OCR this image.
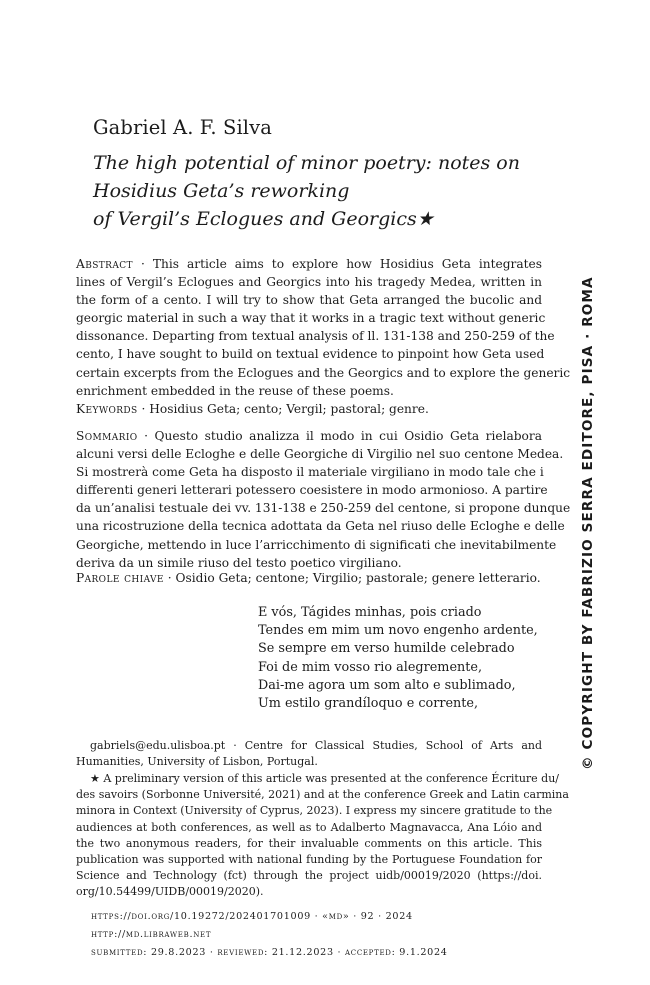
Gabriel A. F. Silva
The high potential of minor poetry: notes on
Hosidius Geta’s reworking
of Vergil’s Eclogues and Georgics★
Abstract · This article aims to explore how Hosidius Geta integrates
lines of Vergil’s Eclogues and Georgics into his tragedy Medea, written in
the form of a cento. I will try to show that Geta arranged the bucolic and
georgic material in such a way that it works in a tragic text without generic
dissonance. Departing from textual analysis of ll. 131-138 and 250-259 of the
cento, I have sought to build on textual evidence to pinpoint how Geta used
certain excerpts from the Eclogues and the Georgics and to explore the generic
enrichment embedded in the reuse of these poems.
Keywords · Hosidius Geta; cento; Vergil; pastoral; genre.
Sommario · Questo studio analizza il modo in cui Osidio Geta rielabora
alcuni versi delle Ecloghe e delle Georgiche di Virgilio nel suo centone Medea.
Si mostrerà come Geta ha disposto il materiale virgiliano in modo tale che i
differenti generi letterari potessero coesistere in modo armonioso. A partire
da un’analisi testuale dei vv. 131-138 e 250-259 del centone, si propone dunque
una ricostruzione della tecnica adottata da Geta nel riuso delle Ecloghe e delle
Georgiche, mettendo in luce l’arricchimento di significati che inevitabilmente
deriva da un simile riuso del testo poetico virgiliano.
Parole chiave · Osidio Geta; centone; Virgilio; pastorale; genere letterario.
E vós, Tágides minhas, pois criado
Tendes em mim um novo engenho ardente,
Se sempre em verso humilde celebrado
Foi de mim vosso rio alegremente,
Dai-me agora um som alto e sublimado,
Um estilo grandíloquo e corrente,
gabriels@edu.ulisboa.pt · Centre for Classical Studies, School of Arts and
Humanities, University of Lisbon, Portugal.
★ A preliminary version of this article was presented at the conference Écriture du/
des savoirs (Sorbonne Université, 2021) and at the conference Greek and Latin carmina
minora in Context (University of Cyprus, 2023). I express my sincere gratitude to the
audiences at both conferences, as well as to Adalberto Magnavacca, Ana Lóio and
the two anonymous readers, for their invaluable comments on this article. This
publication was supported with national funding by the Portuguese Foundation for
Science and Technology (fct) through the project uidb/00019/2020 (https://doi.
org/10.54499/UIDB/00019/2020).
https://doi.org/10.19272/202401701009 · «md» · 92 · 2024
http://md.libraweb.net
submitted: 29.8.2023 · reviewed: 21.12.2023 · accepted: 9.1.2024
© COPYRIGHT BY FABRIZIO SERRA EDITORE, PISA · ROMA
